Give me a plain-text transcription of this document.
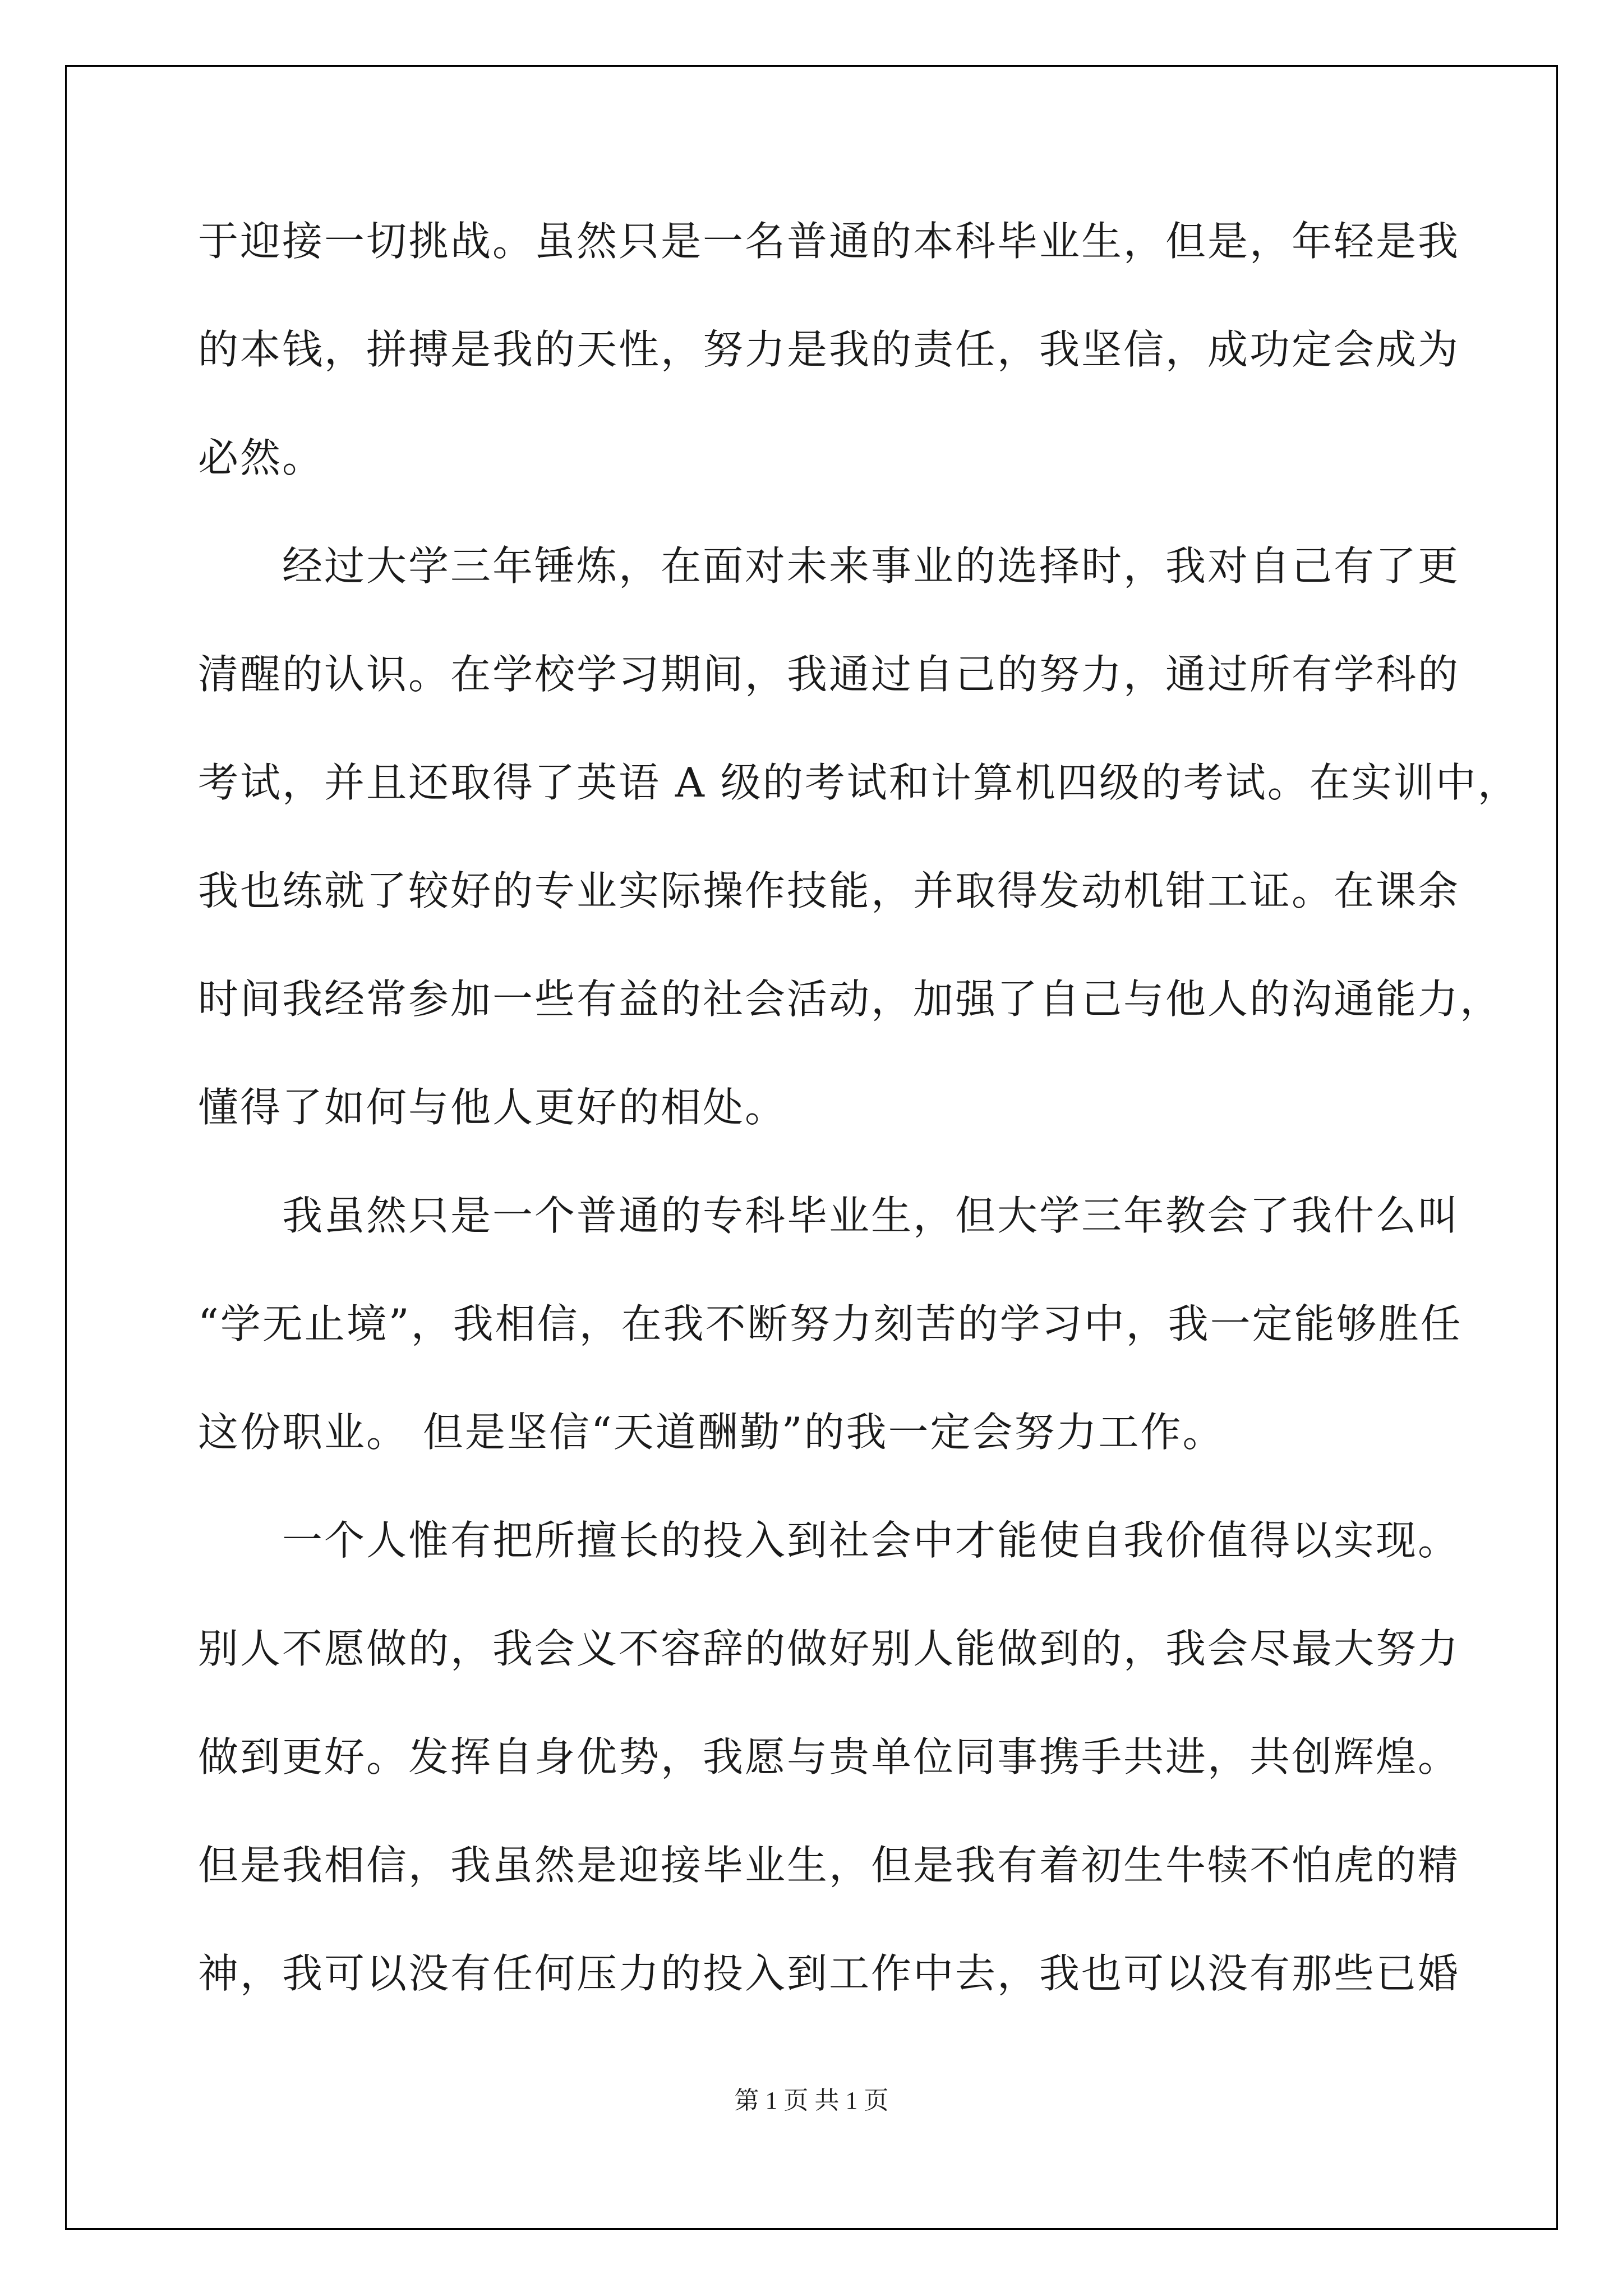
于迎接一切挑战。虽然只是一名普通的本科毕业生，但是，年轻是我
的本钱，拼搏是我的天性，努力是我的责任，我坚信，成功定会成为
必然。
经过大学三年锤炼，在面对未来事业的选择时，我对自己有了更
清醒的认识。在学校学习期间，我通过自己的努力，通过所有学科的
考试，并且还取得了英语 A 级的考试和计算机四级的考试。在实训中，
我也练就了较好的专业实际操作技能，并取得发动机钳工证。在课余
时间我经常参加一些有益的社会活动，加强了自己与他人的沟通能力，
懂得了如何与他人更好的相处。
我虽然只是一个普通的专科毕业生，但大学三年教会了我什么叫
“学无止境”，我相信，在我不断努力刻苦的学习中，我一定能够胜任
这份职业。 但是坚信“天道酬勤”的我一定会努力工作。
一个人惟有把所擅长的投入到社会中才能使自我价值得以实现。
别人不愿做的，我会义不容辞的做好别人能做到的，我会尽最大努力
做到更好。发挥自身优势，我愿与贵单位同事携手共进，共创辉煌。
但是我相信，我虽然是迎接毕业生，但是我有着初生牛犊不怕虎的精
神，我可以没有任何压力的投入到工作中去，我也可以没有那些已婚
第 1 页 共 1 页
